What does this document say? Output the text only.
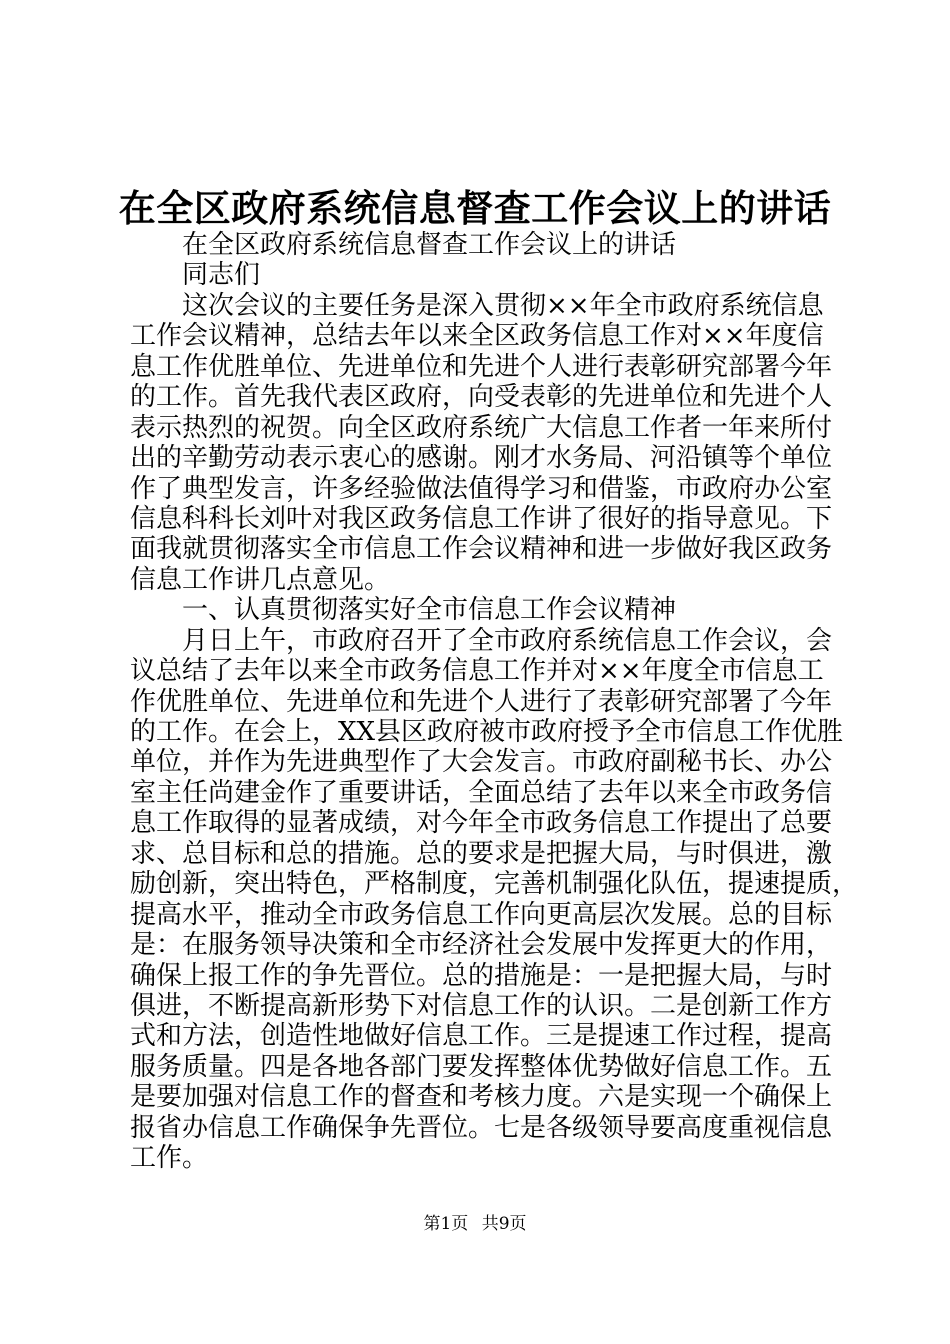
在全区政府系统信息督查工作会议上的讲话
在全区政府系统信息督查工作会议上的讲话
同志们
这次会议的主要任务是深入贯彻××年全市政府系统信息
工作会议精神，总结去年以来全区政务信息工作对××年度信
息工作优胜单位、先进单位和先进个人进行表彰研究部署今年
的工作。首先我代表区政府，向受表彰的先进单位和先进个人
表示热烈的祝贺。向全区政府系统广大信息工作者一年来所付
出的辛勤劳动表示衷心的感谢。刚才水务局、河沿镇等个单位
作了典型发言，许多经验做法值得学习和借鉴，市政府办公室
信息科科长刘叶对我区政务信息工作讲了很好的指导意见。下
面我就贯彻落实全市信息工作会议精神和进一步做好我区政务
信息工作讲几点意见。
一、认真贯彻落实好全市信息工作会议精神
月日上午，市政府召开了全市政府系统信息工作会议，会
议总结了去年以来全市政务信息工作并对××年度全市信息工
作优胜单位、先进单位和先进个人进行了表彰研究部署了今年
的工作。在会上，XX县区政府被市政府授予全市信息工作优胜
单位，并作为先进典型作了大会发言。市政府副秘书长、办公
室主任尚建金作了重要讲话，全面总结了去年以来全市政务信
息工作取得的显著成绩，对今年全市政务信息工作提出了总要
求、总目标和总的措施。总的要求是把握大局，与时俱进，激
励创新，突出特色，严格制度，完善机制强化队伍，提速提质，
提高水平，推动全市政务信息工作向更高层次发展。总的目标
是：在服务领导决策和全市经济社会发展中发挥更大的作用，
确保上报工作的争先晋位。总的措施是：一是把握大局，与时
俱进，不断提高新形势下对信息工作的认识。二是创新工作方
式和方法，创造性地做好信息工作。三是提速工作过程，提高
服务质量。四是各地各部门要发挥整体优势做好信息工作。五
是要加强对信息工作的督查和考核力度。六是实现一个确保上
报省办信息工作确保争先晋位。七是各级领导要高度重视信息
工作。
第1页 共9页
